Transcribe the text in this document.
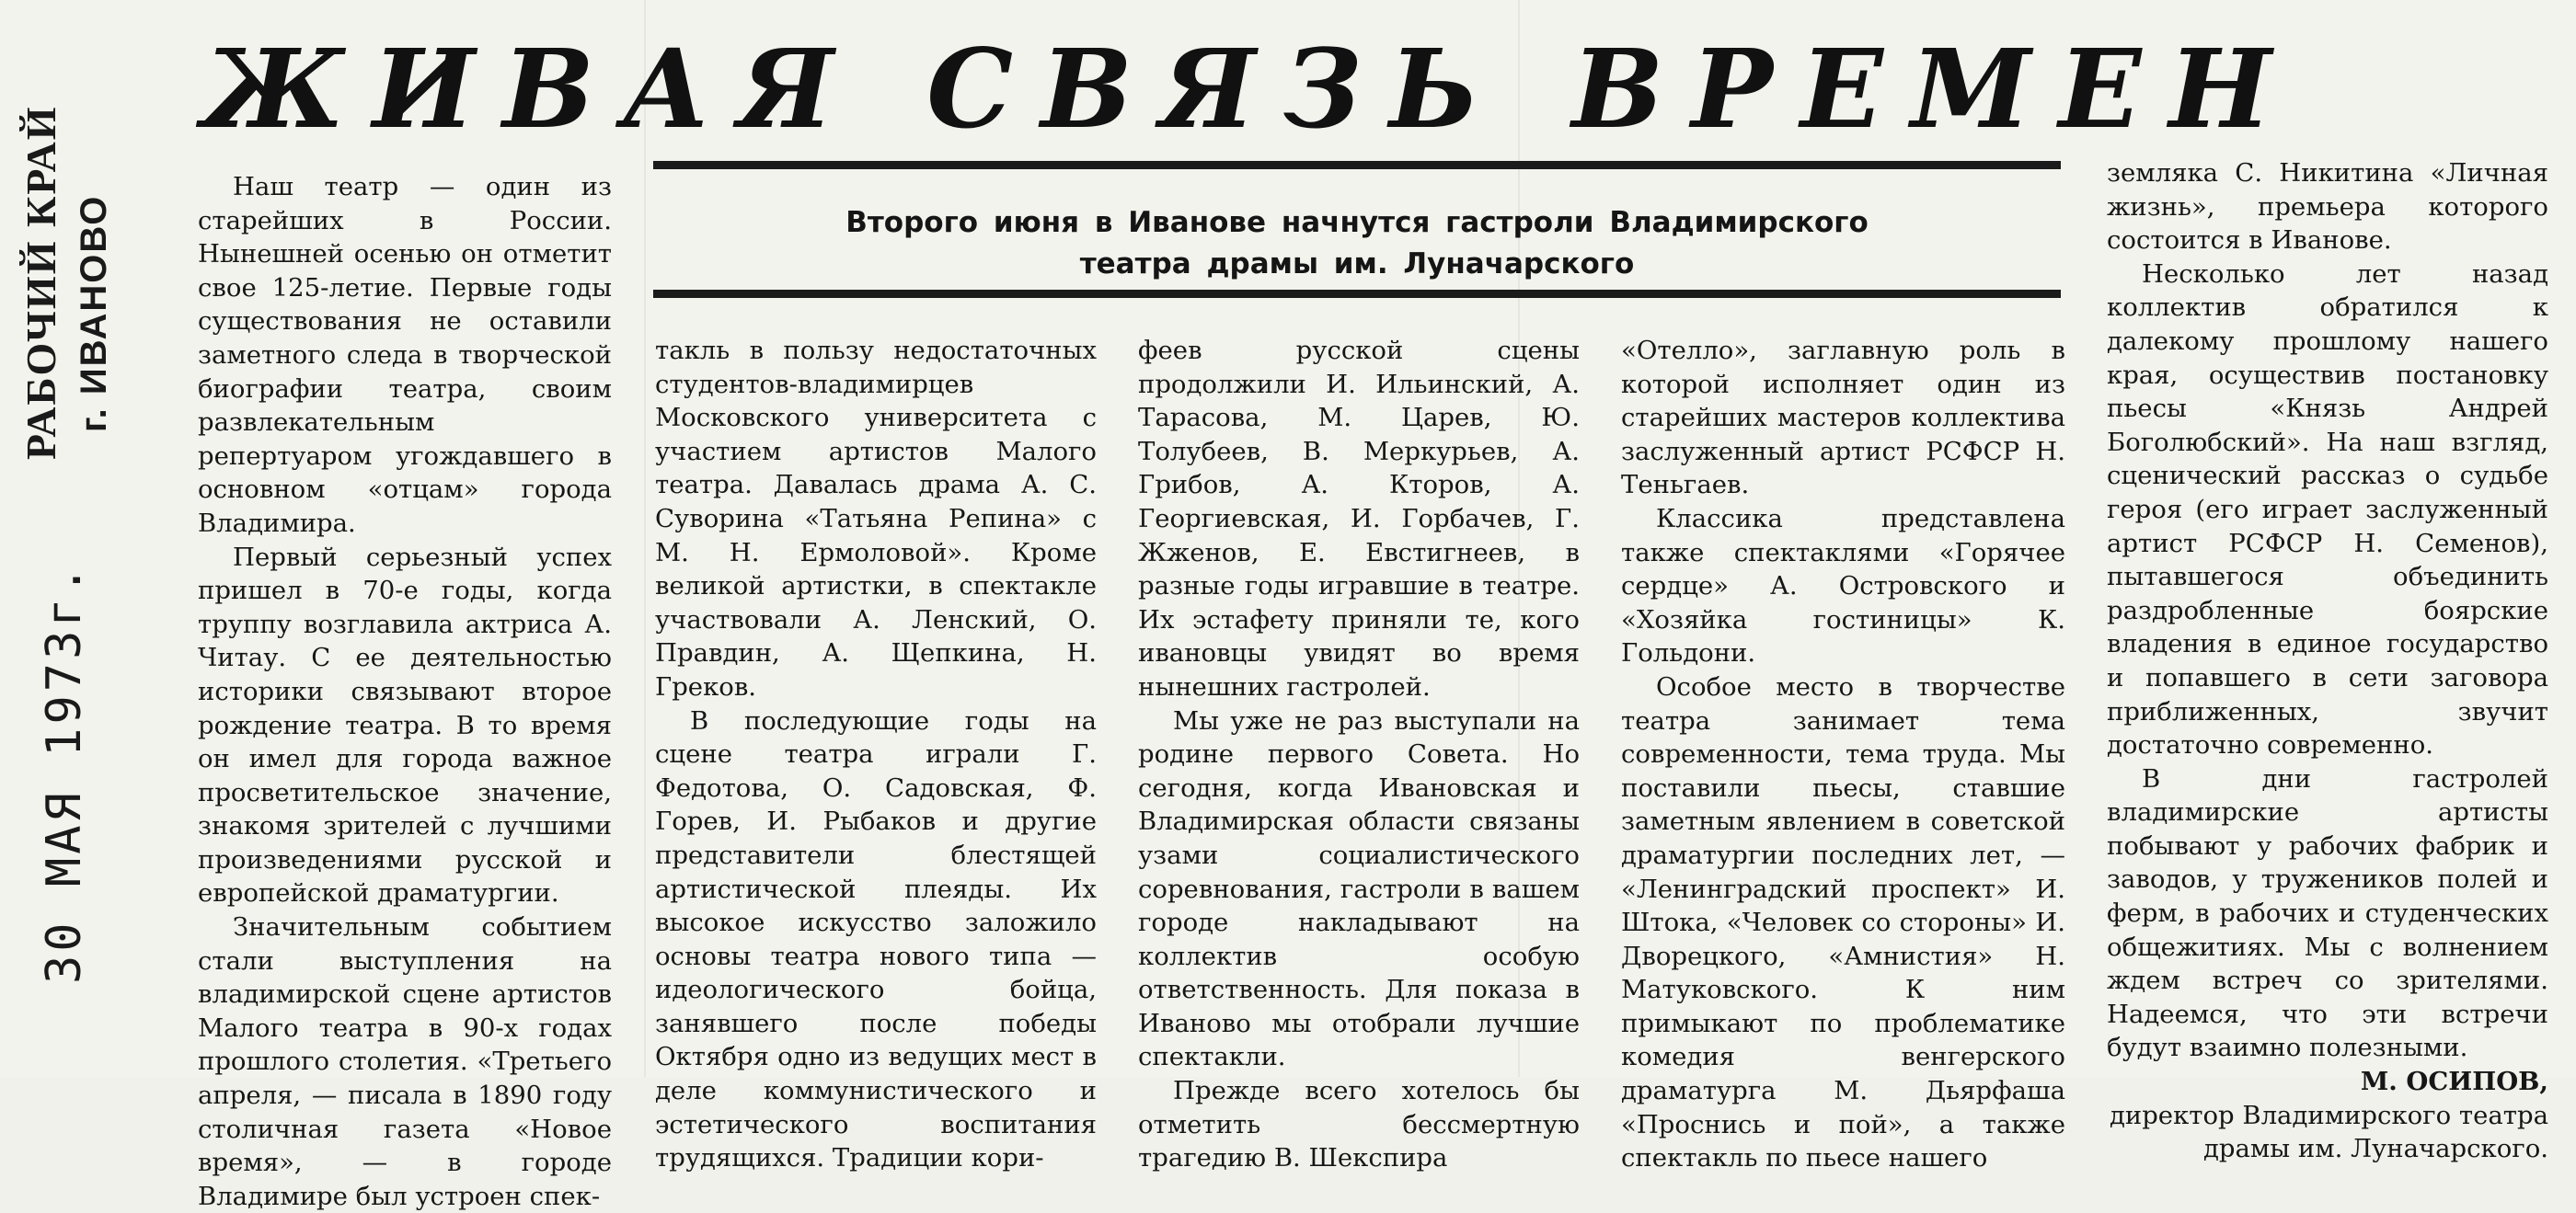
РАБОЧИЙ КРАЙ г. ИВАНОВО
30 МАЯ 1973г.
ЖИВАЯ СВЯЗЬ ВРЕМЕН
Второго июня в Иванове начнутся гастроли Владимирского
театра драмы им. Луначарского

Наш театр — один из старейших в России. Нынешней осенью он отметит свое 125-летие. Первые годы существования не оставили заметного следа в творческой биографии театра, своим развлекательным репертуаром угождавшего в основном «отцам» города Владимира.

Первый серьезный успех пришел в 70-е годы, когда труппу возглавила актриса А. Читау. С ее деятельностью историки связывают второе рождение театра. В то время он имел для города важное просветительское значение, знакомя зрителей с лучшими произведениями русской и европейской драматургии.

Значительным событием стали выступления на владимирской сцене артистов Малого театра в 90-х годах прошлого столетия. «Третьего апреля, — писала в 1890 году столичная газета «Новое время», — в городе Владимире был устроен спек-

такль в пользу недостаточных студентов-владимирцев Московского университета с участием артистов Малого театра. Давалась драма А. С. Суворина «Татьяна Репина» с М. Н. Ермоловой». Кроме великой артистки, в спектакле участвовали А. Ленский, О. Правдин, А. Щепкина, Н. Греков.

В последующие годы на сцене театра играли Г. Федотова, О. Садовская, Ф. Горев, И. Рыбаков и другие представители блестящей артистической плеяды. Их высокое искусство заложило основы театра нового типа — идеологического бойца, занявшего после победы Октября одно из ведущих мест в деле коммунистического и эстетического воспитания трудящихся. Традиции кори-

феев русской сцены продолжили И. Ильинский, А. Тарасова, М. Царев, Ю. Толубеев, В. Меркурьев, А. Грибов, А. Кторов, А. Георгиевская, И. Горбачев, Г. Жженов, Е. Евстигнеев, в разные годы игравшие в театре. Их эстафету приняли те, кого ивановцы увидят во время нынешних гастролей.

Мы уже не раз выступали на родине первого Совета. Но сегодня, когда Ивановская и Владимирская области связаны узами социалистического соревнования, гастроли в вашем городе накладывают на коллектив особую ответственность. Для показа в Иваново мы отобрали лучшие спектакли.

Прежде всего хотелось бы отметить бессмертную трагедию В. Шекспира

«Отелло», заглавную роль в которой исполняет один из старейших мастеров коллектива заслуженный артист РСФСР Н. Теньгаев.

Классика представлена также спектаклями «Горячее сердце» А. Островского и «Хозяйка гостиницы» К. Гольдони.

Особое место в творчестве театра занимает тема современности, тема труда. Мы поставили пьесы, ставшие заметным явлением в советской драматургии последних лет, — «Ленинградский проспект» И. Штока, «Человек со стороны» И. Дворецкого, «Амнистия» Н. Матуковского. К ним примыкают по проблематике комедия венгерского драматурга М. Дьярфаша «Проснись и пой», а также спектакль по пьесе нашего

земляка С. Никитина «Личная жизнь», премьера которого состоится в Иванове.

Несколько лет назад коллектив обратился к далекому прошлому нашего края, осуществив постановку пьесы «Князь Андрей Боголюбский». На наш взгляд, сценический рассказ о судьбе героя (его играет заслуженный артист РСФСР Н. Семенов), пытавшегося объединить раздробленные боярские владения в единое государство и попавшего в сети заговора приближенных, звучит достаточно современно.

В дни гастролей владимирские артисты побывают у рабочих фабрик и заводов, у тружеников полей и ферм, в рабочих и студенческих общежитиях. Мы с волнением ждем встреч со зрителями. Надеемся, что эти встречи будут взаимно полезными.

М. ОСИПОВ,

директор Владимирского театра драмы им. Луначарского.
